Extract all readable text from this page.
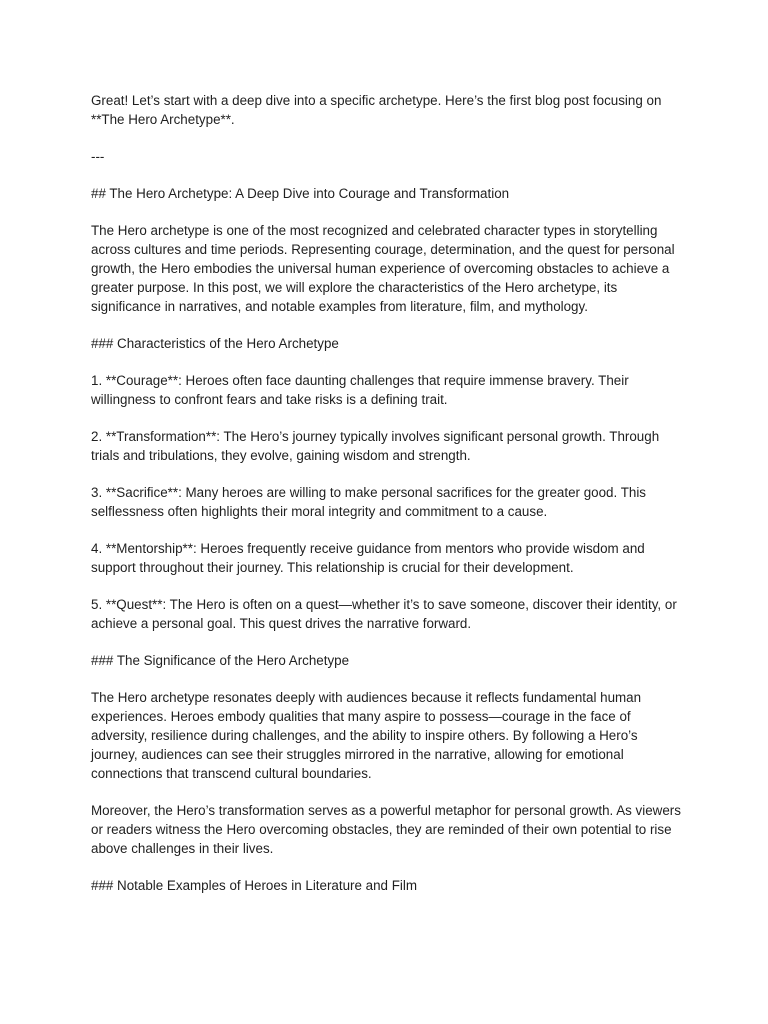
Great! Let’s start with a deep dive into a specific archetype. Here’s the first blog post focusing on **The Hero Archetype**.

---

## The Hero Archetype: A Deep Dive into Courage and Transformation

The Hero archetype is one of the most recognized and celebrated character types in storytelling across cultures and time periods. Representing courage, determination, and the quest for personal growth, the Hero embodies the universal human experience of overcoming obstacles to achieve a greater purpose. In this post, we will explore the characteristics of the Hero archetype, its significance in narratives, and notable examples from literature, film, and mythology.

### Characteristics of the Hero Archetype

1. **Courage**: Heroes often face daunting challenges that require immense bravery. Their willingness to confront fears and take risks is a defining trait.

2. **Transformation**: The Hero’s journey typically involves significant personal growth. Through trials and tribulations, they evolve, gaining wisdom and strength.

3. **Sacrifice**: Many heroes are willing to make personal sacrifices for the greater good. This selflessness often highlights their moral integrity and commitment to a cause.

4. **Mentorship**: Heroes frequently receive guidance from mentors who provide wisdom and support throughout their journey. This relationship is crucial for their development.

5. **Quest**: The Hero is often on a quest—whether it’s to save someone, discover their identity, or achieve a personal goal. This quest drives the narrative forward.

### The Significance of the Hero Archetype

The Hero archetype resonates deeply with audiences because it reflects fundamental human experiences. Heroes embody qualities that many aspire to possess—courage in the face of adversity, resilience during challenges, and the ability to inspire others. By following a Hero’s journey, audiences can see their struggles mirrored in the narrative, allowing for emotional connections that transcend cultural boundaries.

Moreover, the Hero’s transformation serves as a powerful metaphor for personal growth. As viewers or readers witness the Hero overcoming obstacles, they are reminded of their own potential to rise above challenges in their lives.

### Notable Examples of Heroes in Literature and Film
